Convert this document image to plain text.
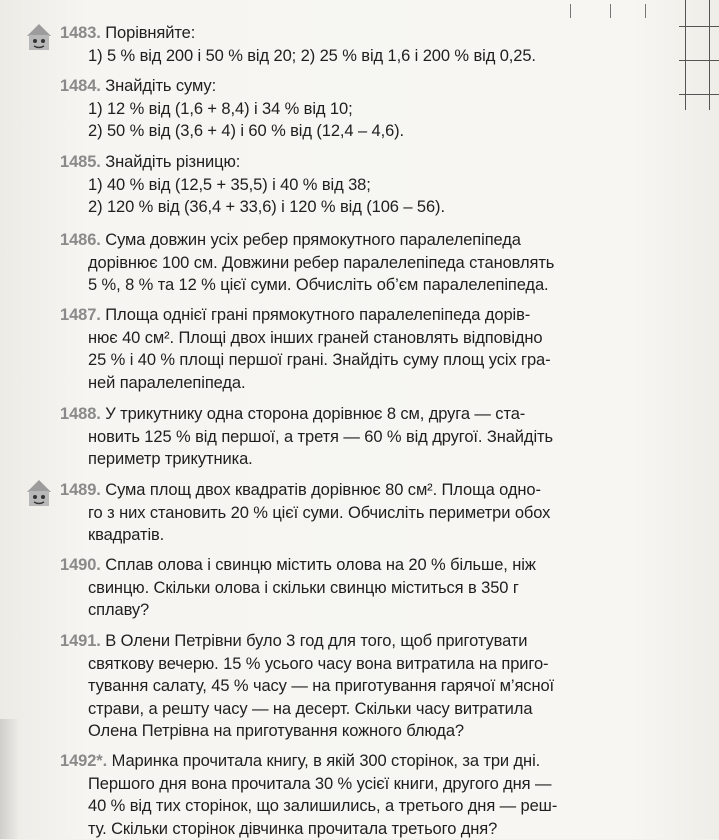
1483. Порівняйте:
1) 5 % від 200 і 50 % від 20; 2) 25 % від 1,6 і 200 % від 0,25.
1484. Знайдіть суму:
1) 12 % від (1,6 + 8,4) і 34 % від 10;
2) 50 % від (3,6 + 4) і 60 % від (12,4 – 4,6).
1485. Знайдіть різницю:
1) 40 % від (12,5 + 35,5) і 40 % від 38;
2) 120 % від (36,4 + 33,6) і 120 % від (106 – 56).
1486. Сума довжин усіх ребер прямокутного паралелепіпеда
дорівнює 100 см. Довжини ребер паралелепіпеда становлять
5 %, 8 % та 12 % цієї суми. Обчисліть об’єм паралелепіпеда.
1487. Площа однієї грані прямокутного паралелепіпеда дорів-
нює 40 см². Площі двох інших граней становлять відповідно
25 % і 40 % площі першої грані. Знайдіть суму площ усіх гра-
ней паралелепіпеда.
1488. У трикутнику одна сторона дорівнює 8 см, друга — ста-
новить 125 % від першої, а третя — 60 % від другої. Знайдіть
периметр трикутника.
1489. Сума площ двох квадратів дорівнює 80 см². Площа одно-
го з них становить 20 % цієї суми. Обчисліть периметри обох
квадратів.
1490. Сплав олова і свинцю містить олова на 20 % більше, ніж
свинцю. Скільки олова і скільки свинцю міститься в 350 г
сплаву?
1491. В Олени Петрівни було 3 год для того, щоб приготувати
святкову вечерю. 15 % усього часу вона витратила на приго-
тування салату, 45 % часу — на приготування гарячої м’ясної
страви, а решту часу — на десерт. Скільки часу витратила
Олена Петрівна на приготування кожного блюда?
1492*. Маринка прочитала книгу, в якій 300 сторінок, за три дні.
Першого дня вона прочитала 30 % усієї книги, другого дня —
40 % від тих сторінок, що залишились, а третього дня — реш-
ту. Скільки сторінок дівчинка прочитала третього дня?
